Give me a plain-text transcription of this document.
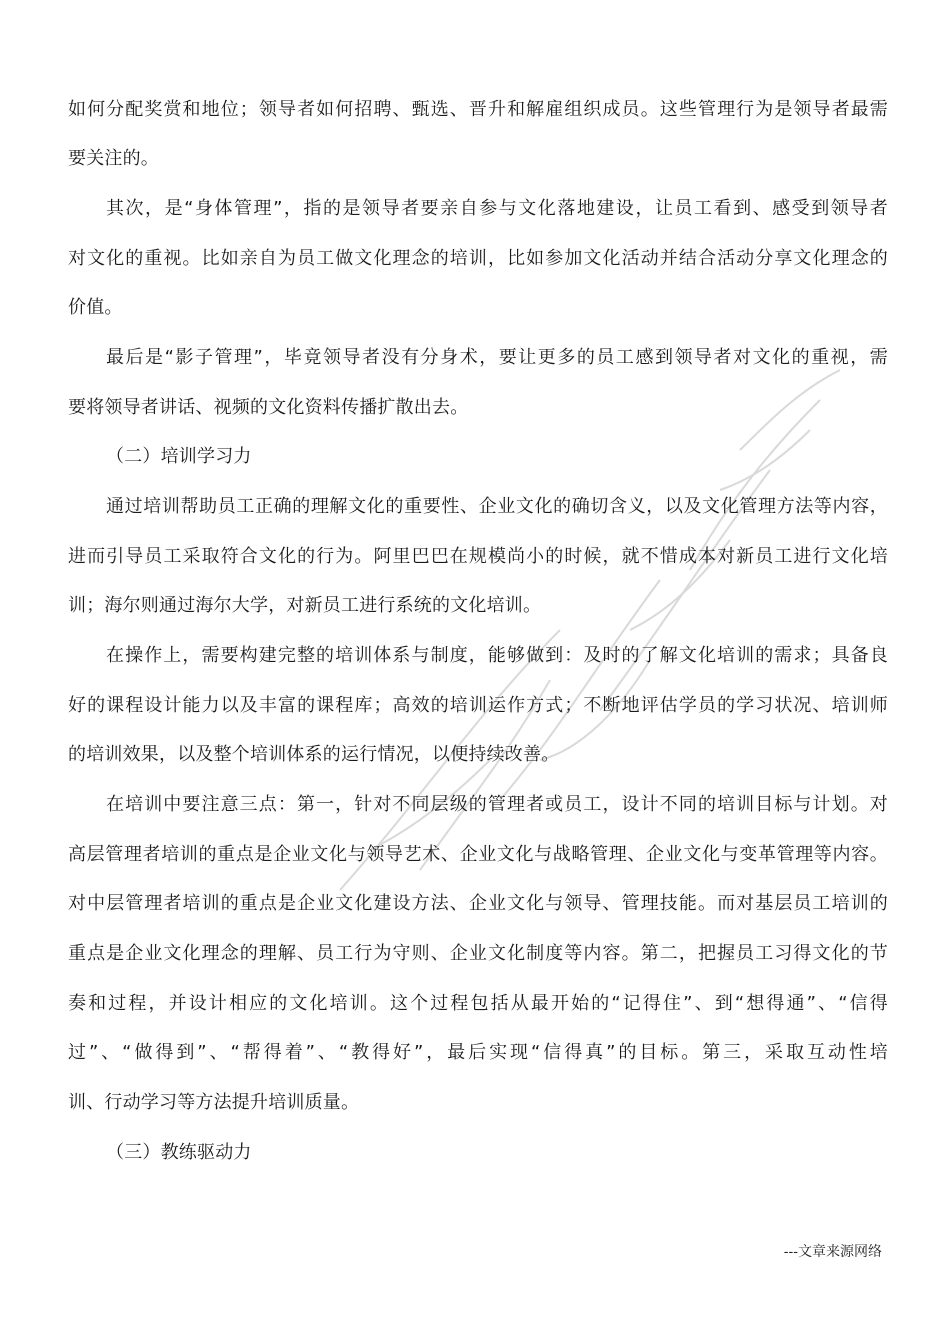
如何分配奖赏和地位；领导者如何招聘、甄选、晋升和解雇组织成员。这些管理行为是领导者最需
要关注的。
其次，是“身体管理”，指的是领导者要亲自参与文化落地建设，让员工看到、感受到领导者
对文化的重视。比如亲自为员工做文化理念的培训，比如参加文化活动并结合活动分享文化理念的
价值。
最后是“影子管理”，毕竟领导者没有分身术，要让更多的员工感到领导者对文化的重视，需
要将领导者讲话、视频的文化资料传播扩散出去。
（二）培训学习力
通过培训帮助员工正确的理解文化的重要性、企业文化的确切含义，以及文化管理方法等内容，
进而引导员工采取符合文化的行为。阿里巴巴在规模尚小的时候，就不惜成本对新员工进行文化培
训；海尔则通过海尔大学，对新员工进行系统的文化培训。
在操作上，需要构建完整的培训体系与制度，能够做到：及时的了解文化培训的需求；具备良
好的课程设计能力以及丰富的课程库；高效的培训运作方式；不断地评估学员的学习状况、培训师
的培训效果，以及整个培训体系的运行情况，以便持续改善。
在培训中要注意三点：第一，针对不同层级的管理者或员工，设计不同的培训目标与计划。对
高层管理者培训的重点是企业文化与领导艺术、企业文化与战略管理、企业文化与变革管理等内容。
对中层管理者培训的重点是企业文化建设方法、企业文化与领导、管理技能。而对基层员工培训的
重点是企业文化理念的理解、员工行为守则、企业文化制度等内容。第二，把握员工习得文化的节
奏和过程，并设计相应的文化培训。这个过程包括从最开始的“记得住”、到“想得通”、“信得
过”、“做得到”、“帮得着”、“教得好”，最后实现“信得真”的目标。第三，采取互动性培
训、行动学习等方法提升培训质量。
（三）教练驱动力
---文章来源网络
